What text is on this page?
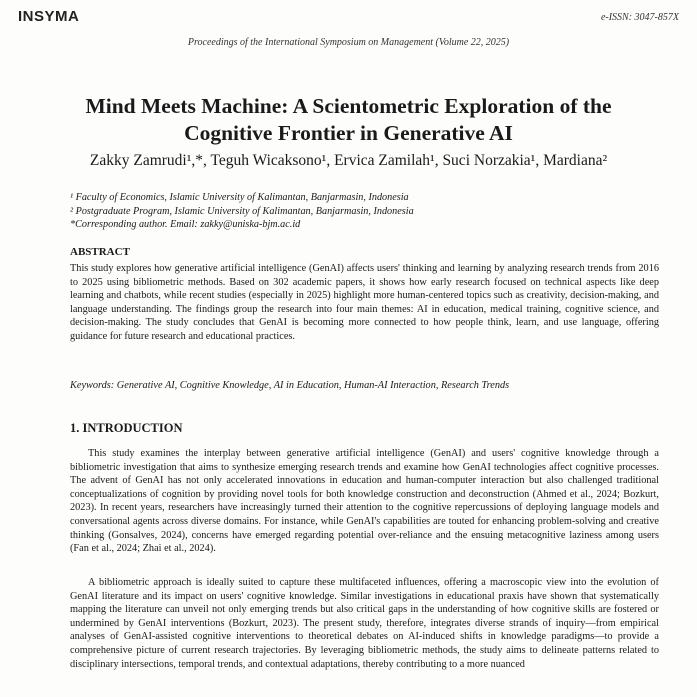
INSYMA	e-ISSN: 3047-857X
Proceedings of the International Symposium on Management (Volume 22, 2025)
Mind Meets Machine: A Scientometric Exploration of the Cognitive Frontier in Generative AI
Zakky Zamrudi¹,*, Teguh Wicaksono¹, Ervica Zamilah¹, Suci Norzakia¹, Mardiana²
¹ Faculty of Economics, Islamic University of Kalimantan, Banjarmasin, Indonesia
² Postgraduate Program, Islamic University of Kalimantan, Banjarmasin, Indonesia
*Corresponding author. Email: zakky@uniska-bjm.ac.id
ABSTRACT

This study explores how generative artificial intelligence (GenAI) affects users' thinking and learning by analyzing research trends from 2016 to 2025 using bibliometric methods. Based on 302 academic papers, it shows how early research focused on technical aspects like deep learning and chatbots, while recent studies (especially in 2025) highlight more human-centered topics such as creativity, decision-making, and language understanding. The findings group the research into four main themes: AI in education, medical training, cognitive science, and decision-making. The study concludes that GenAI is becoming more connected to how people think, learn, and use language, offering guidance for future research and educational practices.

Keywords: Generative AI, Cognitive Knowledge, AI in Education, Human-AI Interaction, Research Trends
1. INTRODUCTION

This study examines the interplay between generative artificial intelligence (GenAI) and users' cognitive knowledge through a bibliometric investigation that aims to synthesize emerging research trends and examine how GenAI technologies affect cognitive processes. The advent of GenAI has not only accelerated innovations in education and human-computer interaction but also challenged traditional conceptualizations of cognition by providing novel tools for both knowledge construction and deconstruction (Ahmed et al., 2024; Bozkurt, 2023). In recent years, researchers have increasingly turned their attention to the cognitive repercussions of deploying language models and conversational agents across diverse domains. For instance, while GenAI's capabilities are touted for enhancing problem-solving and creative thinking (Gonsalves, 2024), concerns have emerged regarding potential over-reliance and the ensuing metacognitive laziness among users (Fan et al., 2024; Zhai et al., 2024).

A bibliometric approach is ideally suited to capture these multifaceted influences, offering a macroscopic view into the evolution of GenAI literature and its impact on users' cognitive knowledge. Similar investigations in educational praxis have shown that systematically mapping the literature can unveil not only emerging trends but also critical gaps in the understanding of how cognitive skills are fostered or undermined by GenAI interventions (Bozkurt, 2023). The present study, therefore, integrates diverse strands of inquiry—from empirical analyses of GenAI-assisted cognitive interventions to theoretical debates on AI-induced shifts in knowledge paradigms—to provide a comprehensive picture of current research trajectories. By leveraging bibliometric methods, the study aims to delineate patterns related to disciplinary intersections, temporal trends, and contextual adaptations, thereby contributing to a more nuanced
